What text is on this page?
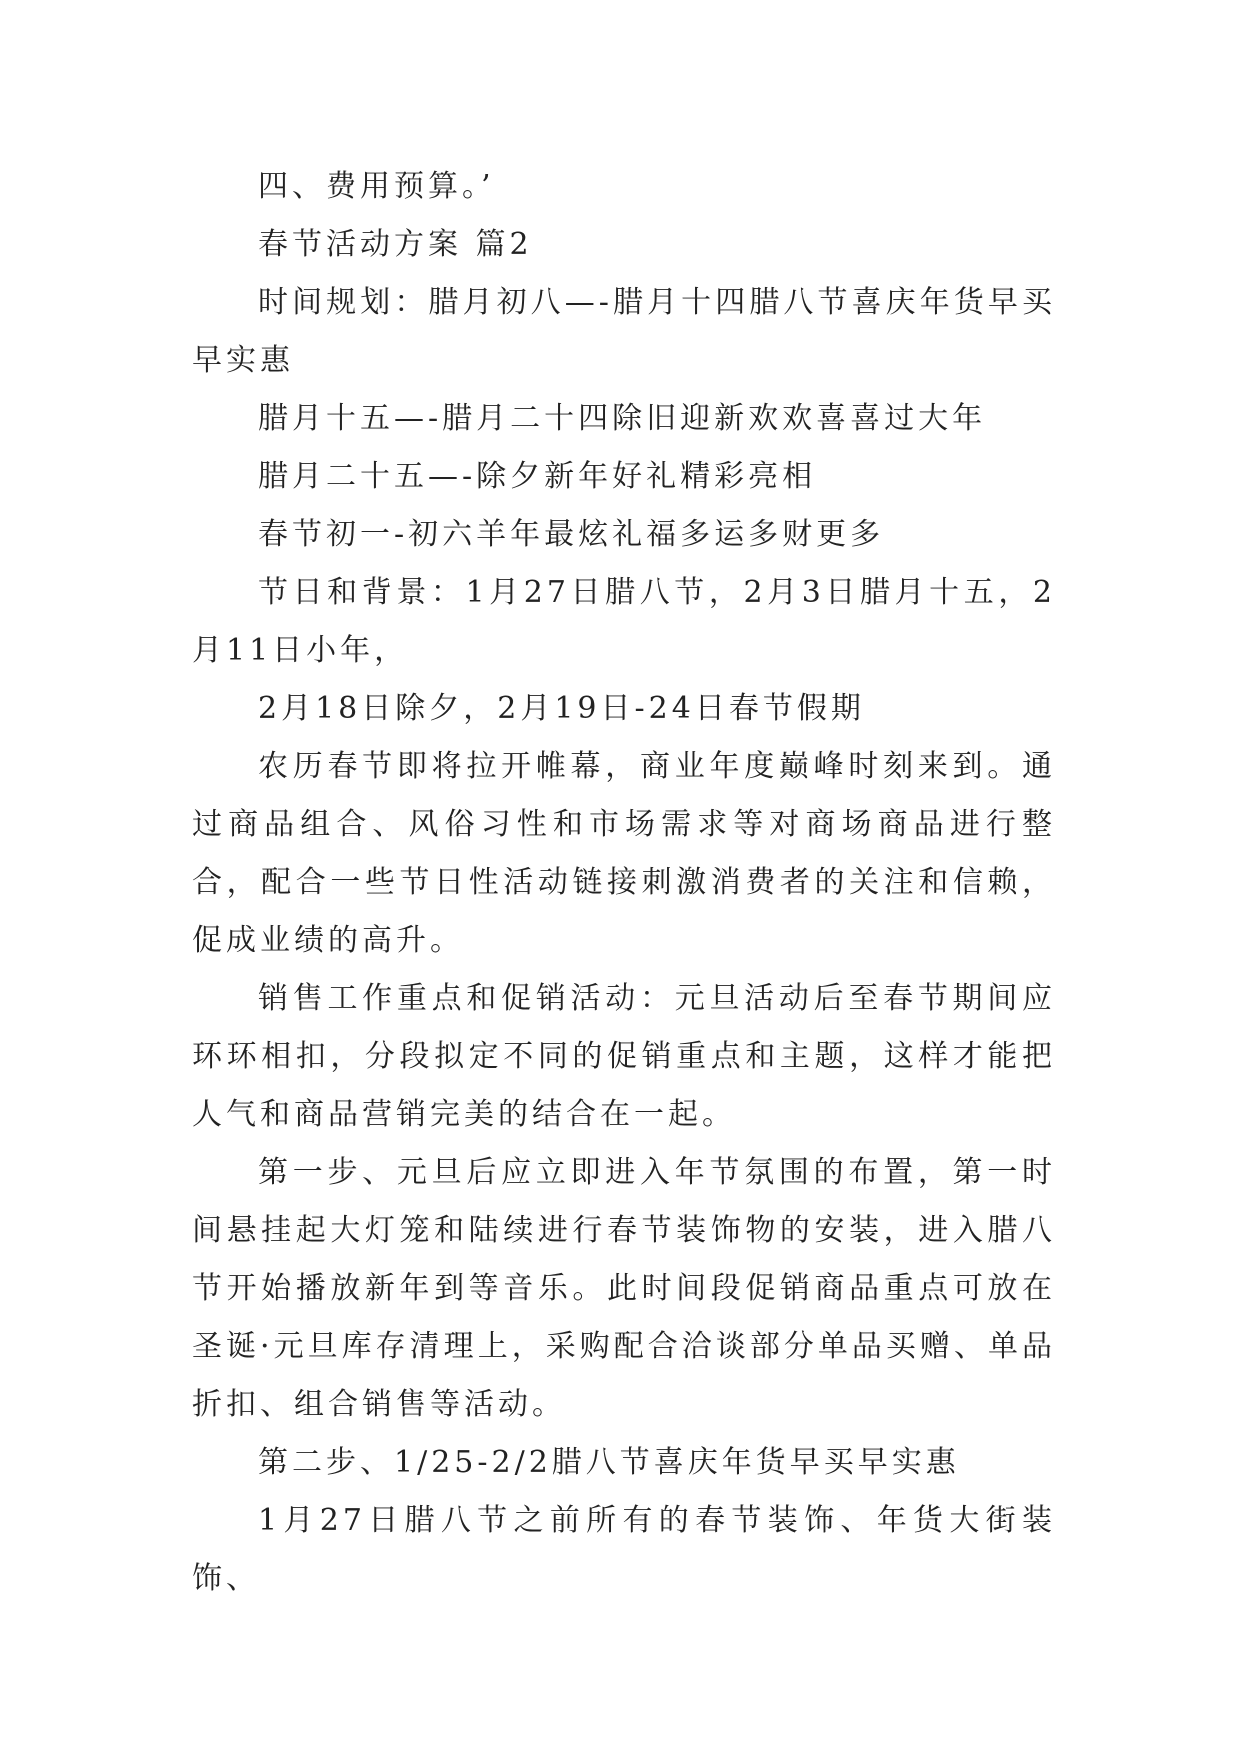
四、费用预算。’

春节活动方案 篇2

时间规划：腊月初八—-腊月十四腊八节喜庆年货早买早实惠

腊月十五—-腊月二十四除旧迎新欢欢喜喜过大年

腊月二十五—-除夕新年好礼精彩亮相

春节初一-初六羊年最炫礼福多运多财更多

节日和背景：1月27日腊八节，2月3日腊月十五，2月11日小年，

2月18日除夕，2月19日-24日春节假期

农历春节即将拉开帷幕，商业年度巅峰时刻来到。通过商品组合、风俗习性和市场需求等对商场商品进行整合，配合一些节日性活动链接刺激消费者的关注和信赖，促成业绩的高升。

销售工作重点和促销活动：元旦活动后至春节期间应环环相扣，分段拟定不同的促销重点和主题，这样才能把人气和商品营销完美的结合在一起。

第一步、元旦后应立即进入年节氛围的布置，第一时间悬挂起大灯笼和陆续进行春节装饰物的安装，进入腊八节开始播放新年到等音乐。此时间段促销商品重点可放在圣诞·元旦库存清理上，采购配合洽谈部分单品买赠、单品折扣、组合销售等活动。

第二步、1/25-2/2腊八节喜庆年货早买早实惠

1月27日腊八节之前所有的春节装饰、年货大街装饰、
